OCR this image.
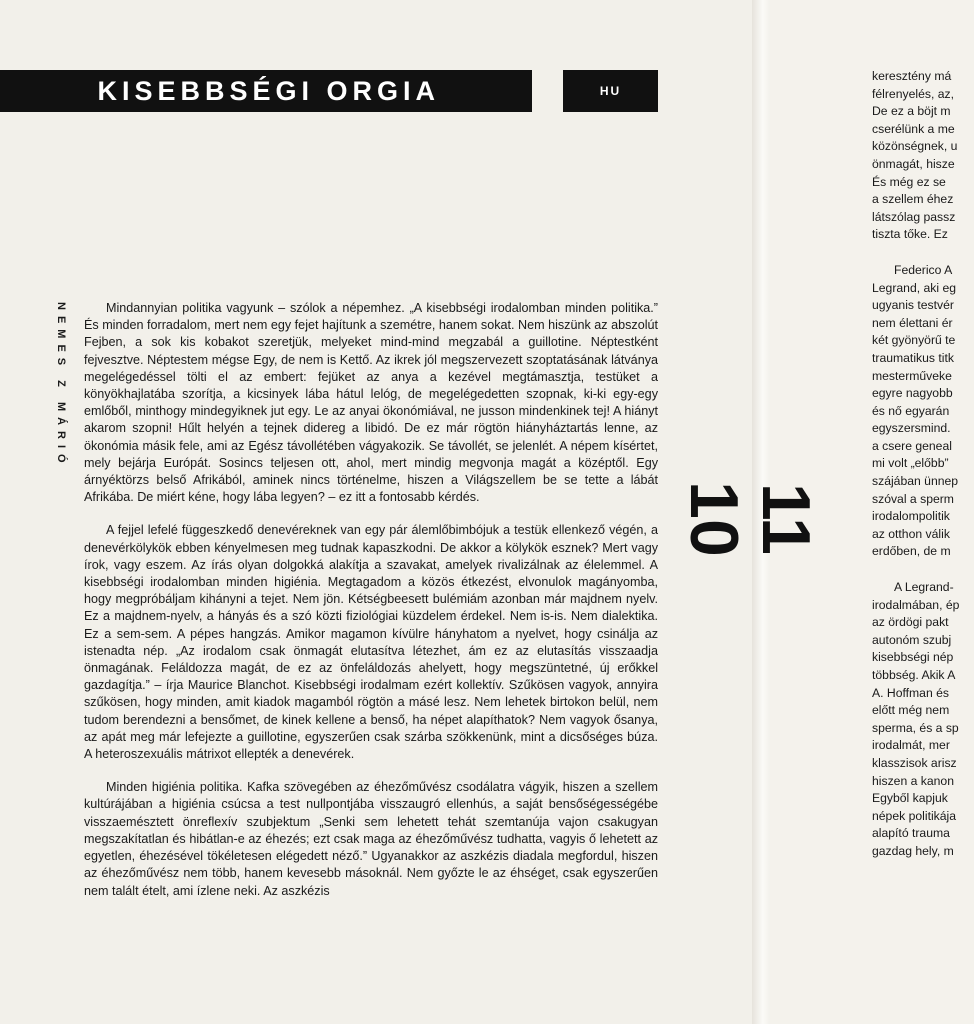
KISEBBSÉGI ORGIA	HU
NEMES Z MÁRIÓ	Mindannyian politika vagyunk – szólok a népemhez. „A kisebbségi irodalomban minden politika.” És minden forradalom, mert nem egy fejet hajítunk a szemétre, hanem sokat. Nem hiszünk az abszolút Fejben, a sok kis kobakot szeretjük, melyeket mind-mind megzabál a guillotine. Néptestként fejvesztve. Néptestem mégse Egy, de nem is Kettő. Az ikrek jól megszervezett szoptatásának látványa megelégedéssel tölti el az embert: fejüket az anya a kezével megtámasztja, testüket a könyökhajlatába szorítja, a kicsinyek lába hátul lelóg, de megelégedetten szopnak, ki-ki egy-egy emlőből, minthogy mindegyiknek jut egy. Le az anyai ökonómiával, ne jusson mindenkinek tej! A hiányt akarom szopni! Hűlt helyén a tejnek didereg a libidó. De ez már rögtön hiányháztartás lenne, az ökonómia másik fele, ami az Egész távollétében vágyakozik. Se távollét, se jelenlét. A népem kísértet, mely bejárja Európát. Sosincs teljesen ott, ahol, mert mindig megvonja magát a középtől. Egy árnyéktörzs belső Afrikából, aminek nincs történelme, hiszen a Világszellem be se tette a lábát Afrikába. De miért kéne, hogy lába legyen? – ez itt a fontosabb kérdés.

A fejjel lefelé függeszkedő denevéreknek van egy pár álemlőbimbójuk a testük ellenkező végén, a denevérkölykök ebben kényelmesen meg tudnak kapaszkodni. De akkor a kölykök esznek? Mert vagy írok, vagy eszem. Az írás olyan dolgokká alakítja a szavakat, amelyek rivalizálnak az élelemmel. A kisebbségi irodalomban minden higiénia. Megtagadom a közös étkezést, elvonulok magányomba, hogy megpróbáljam kihányni a tejet. Nem jön. Kétségbeesett bulémiám azonban már majdnem nyelv. Ez a majdnem-nyelv, a hányás és a szó közti fiziológiai küzdelem érdekel. Nem is-is. Nem dialektika. Ez a sem-sem. A pépes hangzás. Amikor magamon kívülre hányhatom a nyelvet, hogy csinálja az istenadta nép. „Az irodalom csak önmagát elutasítva létezhet, ám ez az elutasítás visszaadja önmagának. Feláldozza magát, de ez az önfeláldozás ahelyett, hogy megszüntetné, új erőkkel gazdagítja.” – írja Maurice Blanchot. Kisebbségi irodalmam ezért kollektív. Szűkösen vagyok, annyira szűkösen, hogy minden, amit kiadok magamból rögtön a másé lesz. Nem lehetek birtokon belül, nem tudom berendezni a bensőmet, de kinek kellene a benső, ha népet alapíthatok? Nem vagyok ősanya, az apát meg már lefejezte a guillotine, egyszerűen csak szárba szökkenünk, mint a dicsőséges búza. A heteroszexuális mátrixot ellepték a denevérek.

Minden higiénia politika. Kafka szövegében az éhezőművész csodálatra vágyik, hiszen a szellem kultúrájában a higiénia csúcsa a test nullpontjába visszaugró ellenhús, a saját bensőségességébe visszaemésztett önreflexív szubjektum „Senki sem lehetett tehát szemtanúja vajon csakugyan megszakítatlan és hibátlan-e az éhezés; ezt csak maga az éhezőművész tudhatta, vagyis ő lehetett az egyetlen, éhezésével tökéletesen elégedett néző.” Ugyanakkor az aszkézis diadala megfordul, hiszen az éhezőművész nem több, hanem kevesebb másoknál. Nem győzte le az éhséget, csak egyszerűen nem talált ételt, ami ízlene neki. Az aszkézis

keresztény má
félrenyelés, az,
De ez a böjt m
cserélünk a me
közönségnek, u
önmagát, hisze
És még ez se
a szellem éhez
látszólag passz
tiszta tőke. Ez
Federico A
Legrand, aki eg
ugyanis testvér
nem élettani ér
két gyönyörű te
traumatikus titk
mesterműveke
egyre nagyobb
és nő egyarán
egyszersmind.
a csere geneal
mi volt „előbb”
szájában ünnep
szóval a sperm
irodalompolitik
az otthon válik
erdőben, de m
A Legrand-
irodalmában, ép
az ördögi pakt
autonóm szubj
kisebbségi nép
többség. Akik A
A. Hoffman és
előtt még nem
sperma, és a sp
irodalmát, mer
klasszisok arisz
hiszen a kanon
Egyből kapjuk
népek politikája
alapító trauma
gazdag hely, m
10
11
